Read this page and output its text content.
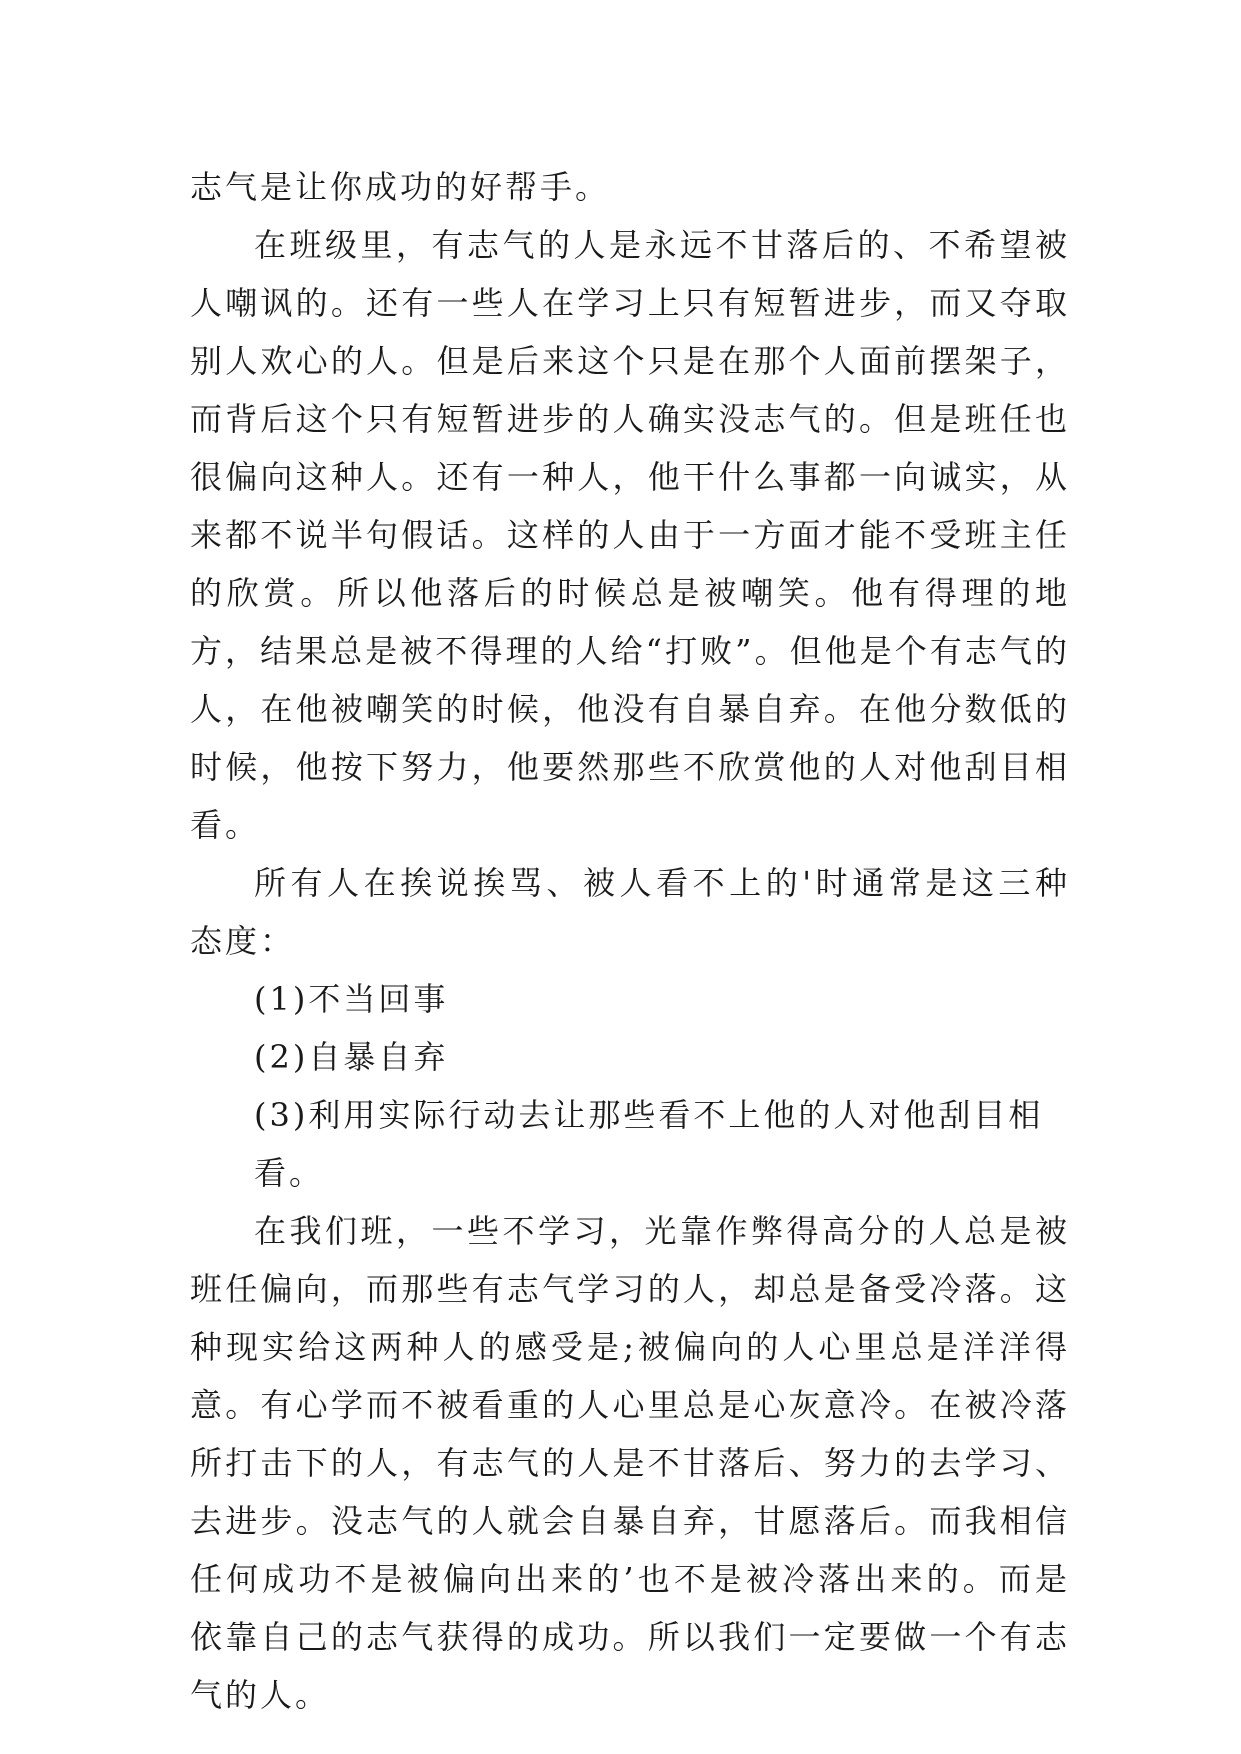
志气是让你成功的好帮手。

在班级里，有志气的人是永远不甘落后的、不希望被人嘲讽的。还有一些人在学习上只有短暂进步，而又夺取别人欢心的人。但是后来这个只是在那个人面前摆架子，而背后这个只有短暂进步的人确实没志气的。但是班任也很偏向这种人。还有一种人，他干什么事都一向诚实，从来都不说半句假话。这样的人由于一方面才能不受班主任的欣赏。所以他落后的时候总是被嘲笑。他有得理的地方，结果总是被不得理的人给“打败”。但他是个有志气的人，在他被嘲笑的时候，他没有自暴自弃。在他分数低的时候，他按下努力，他要然那些不欣赏他的人对他刮目相看。

所有人在挨说挨骂、被人看不上的'时通常是这三种态度：

(1)不当回事

(2)自暴自弃

(3)利用实际行动去让那些看不上他的人对他刮目相看。

在我们班，一些不学习，光靠作弊得高分的人总是被班任偏向，而那些有志气学习的人，却总是备受冷落。这种现实给这两种人的感受是;被偏向的人心里总是洋洋得意。有心学而不被看重的人心里总是心灰意冷。在被冷落所打击下的人，有志气的人是不甘落后、努力的去学习、去进步。没志气的人就会自暴自弃，甘愿落后。而我相信任何成功不是被偏向出来的’也不是被冷落出来的。而是依靠自己的志气获得的成功。所以我们一定要做一个有志气的人。
